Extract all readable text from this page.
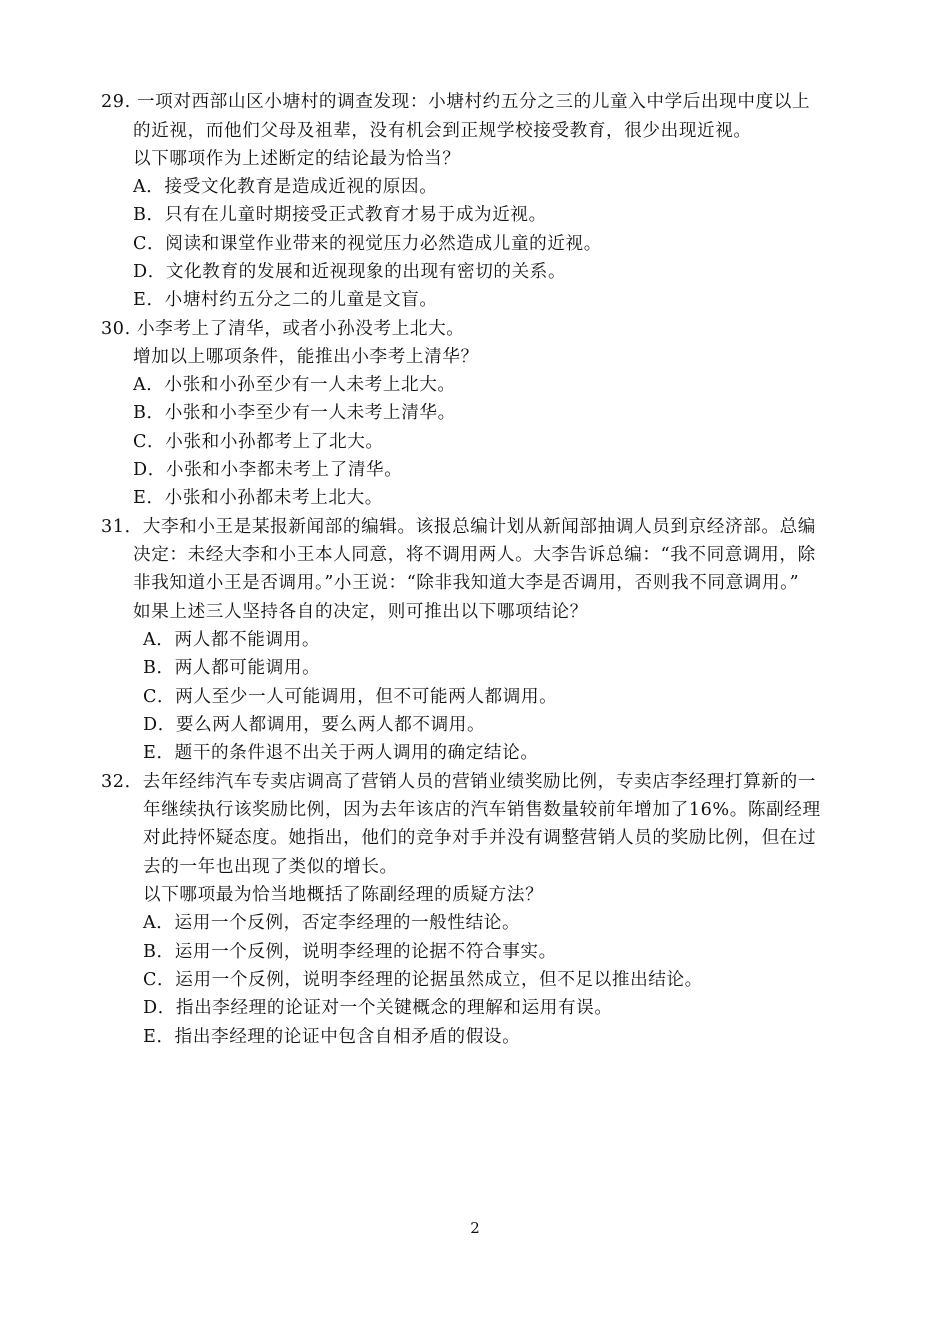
29. 一项对西部山区小塘村的调查发现：小塘村约五分之三的儿童入中学后出现中度以上
的近视，而他们父母及祖辈，没有机会到正规学校接受教育，很少出现近视。
以下哪项作为上述断定的结论最为恰当？
A．接受文化教育是造成近视的原因。
B．只有在儿童时期接受正式教育才易于成为近视。
C．阅读和课堂作业带来的视觉压力必然造成儿童的近视。
D．文化教育的发展和近视现象的出现有密切的关系。
E．小塘村约五分之二的儿童是文盲。
30. 小李考上了清华，或者小孙没考上北大。
增加以上哪项条件，能推出小李考上清华？
A．小张和小孙至少有一人未考上北大。
B．小张和小李至少有一人未考上清华。
C．小张和小孙都考上了北大。
D．小张和小李都未考上了清华。
E．小张和小孙都未考上北大。
31．大李和小王是某报新闻部的编辑。该报总编计划从新闻部抽调人员到京经济部。总编
决定：未经大李和小王本人同意，将不调用两人。大李告诉总编：“我不同意调用，除
非我知道小王是否调用。”小王说：“除非我知道大李是否调用，否则我不同意调用。”
如果上述三人坚持各自的决定，则可推出以下哪项结论？
A．两人都不能调用。
B．两人都可能调用。
C．两人至少一人可能调用，但不可能两人都调用。
D．要么两人都调用，要么两人都不调用。
E．题干的条件退不出关于两人调用的确定结论。
32．去年经纬汽车专卖店调高了营销人员的营销业绩奖励比例，专卖店李经理打算新的一
年继续执行该奖励比例，因为去年该店的汽车销售数量较前年增加了16%。陈副经理
对此持怀疑态度。她指出，他们的竞争对手并没有调整营销人员的奖励比例，但在过
去的一年也出现了类似的增长。
以下哪项最为恰当地概括了陈副经理的质疑方法？
A．运用一个反例，否定李经理的一般性结论。
B．运用一个反例，说明李经理的论据不符合事实。
C．运用一个反例，说明李经理的论据虽然成立，但不足以推出结论。
D．指出李经理的论证对一个关键概念的理解和运用有误。
E．指出李经理的论证中包含自相矛盾的假设。
2
